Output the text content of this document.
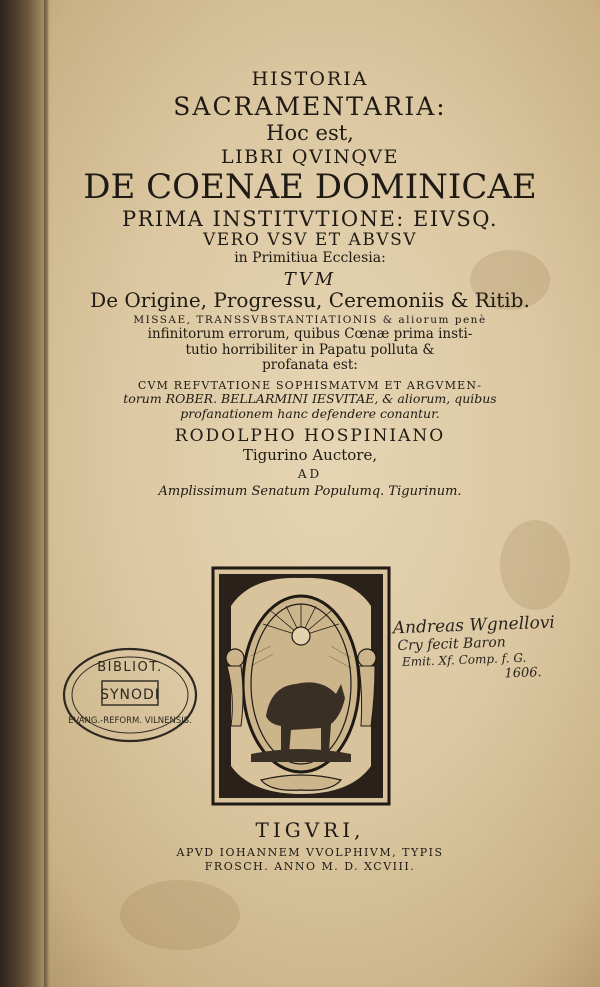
HISTORIA
SACRAMENTARIA:
Hoc est,
LIBRI QVINQVE
DE COENAE DOMINICAE
PRIMA INSTITVTIONE: EIVSQ.
VERO VSV ET ABVSV
in Primitiua Ecclesia:
TVM
De Origine, Progressu, Ceremoniis & Ritib.
MISSAE, TRANSSVBSTANTIATIONIS & aliorum penè
infinitorum errorum, quibus Cœnæ prima insti-
tutio horribiliter in Papatu polluta &
profanata est:
CVM REFVTATIONE SOPHISMATVM ET ARGVMEN-
torum ROBER. BELLARMINI IESVITAE, & aliorum, quibus
profanationem hanc defendere conantur.
RODOLPHO HOSPINIANO
Tigurino Auctore,
AD
Amplissimum Senatum Populumq. Tigurinum.
BIBLIOT.
SYNODI
EVANG.-REFORM. VILNENSIS.
Andreas Wgnellovi
Cry fecit Baron
Emit. Xf. Comp. f. G.
1606.
TIGVRI,
APVD IOHANNEM VVOLPHIVM, TYPIS
FROSCH. ANNO M. D. XCVIII.
